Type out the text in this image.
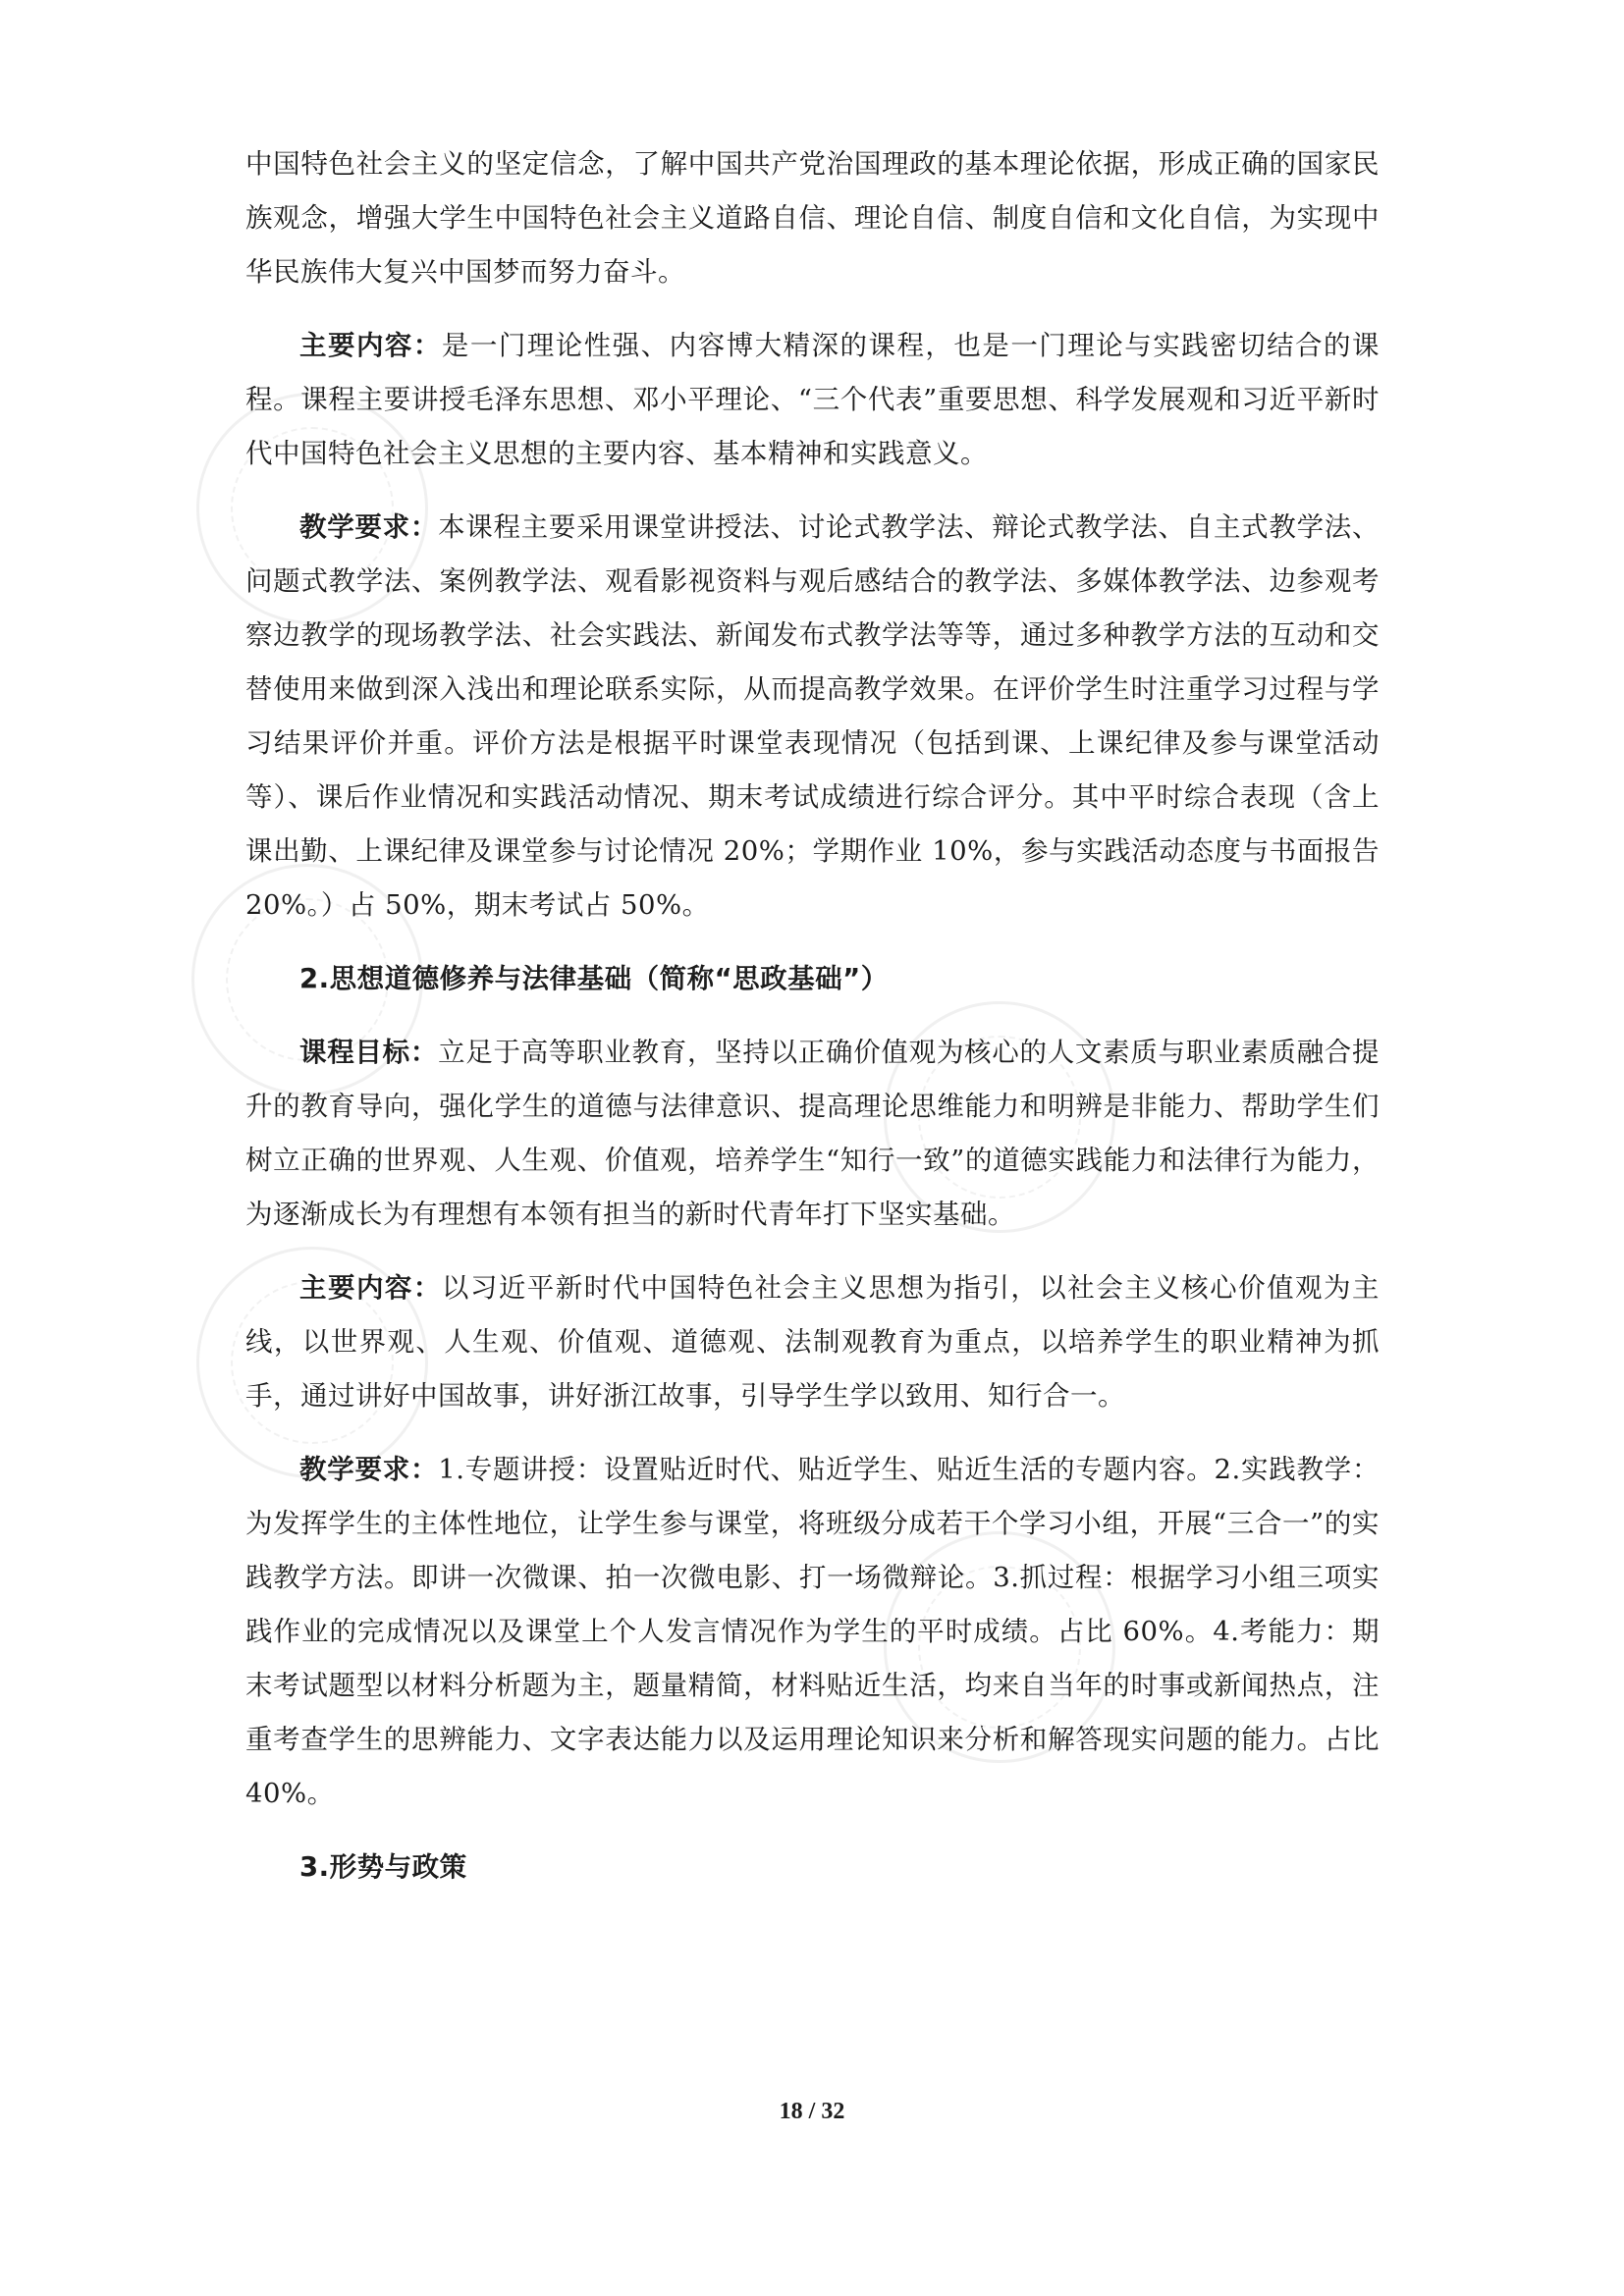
中国特色社会主义的坚定信念，了解中国共产党治国理政的基本理论依据，形成正确的国家民族观念，增强大学生中国特色社会主义道路自信、理论自信、制度自信和文化自信，为实现中华民族伟大复兴中国梦而努力奋斗。

主要内容：是一门理论性强、内容博大精深的课程，也是一门理论与实践密切结合的课程。课程主要讲授毛泽东思想、邓小平理论、“三个代表”重要思想、科学发展观和习近平新时代中国特色社会主义思想的主要内容、基本精神和实践意义。

教学要求：本课程主要采用课堂讲授法、讨论式教学法、辩论式教学法、自主式教学法、问题式教学法、案例教学法、观看影视资料与观后感结合的教学法、多媒体教学法、边参观考察边教学的现场教学法、社会实践法、新闻发布式教学法等等，通过多种教学方法的互动和交替使用来做到深入浅出和理论联系实际，从而提高教学效果。在评价学生时注重学习过程与学习结果评价并重。评价方法是根据平时课堂表现情况（包括到课、上课纪律及参与课堂活动等）、课后作业情况和实践活动情况、期末考试成绩进行综合评分。其中平时综合表现（含上课出勤、上课纪律及课堂参与讨论情况 20%；学期作业 10%，参与实践活动态度与书面报告 20%。）占 50%，期末考试占 50%。

2.思想道德修养与法律基础（简称“思政基础”）

课程目标：立足于高等职业教育，坚持以正确价值观为核心的人文素质与职业素质融合提升的教育导向，强化学生的道德与法律意识、提高理论思维能力和明辨是非能力、帮助学生们树立正确的世界观、人生观、价值观，培养学生“知行一致”的道德实践能力和法律行为能力，为逐渐成长为有理想有本领有担当的新时代青年打下坚实基础。

主要内容：以习近平新时代中国特色社会主义思想为指引，以社会主义核心价值观为主线，以世界观、人生观、价值观、道德观、法制观教育为重点，以培养学生的职业精神为抓手，通过讲好中国故事，讲好浙江故事，引导学生学以致用、知行合一。

教学要求：1.专题讲授：设置贴近时代、贴近学生、贴近生活的专题内容。2.实践教学：为发挥学生的主体性地位，让学生参与课堂，将班级分成若干个学习小组，开展“三合一”的实践教学方法。即讲一次微课、拍一次微电影、打一场微辩论。3.抓过程：根据学习小组三项实践作业的完成情况以及课堂上个人发言情况作为学生的平时成绩。占比 60%。4.考能力：期末考试题型以材料分析题为主，题量精简，材料贴近生活，均来自当年的时事或新闻热点，注重考查学生的思辨能力、文字表达能力以及运用理论知识来分析和解答现实问题的能力。占比 40%。

3.形势与政策

18 / 32
